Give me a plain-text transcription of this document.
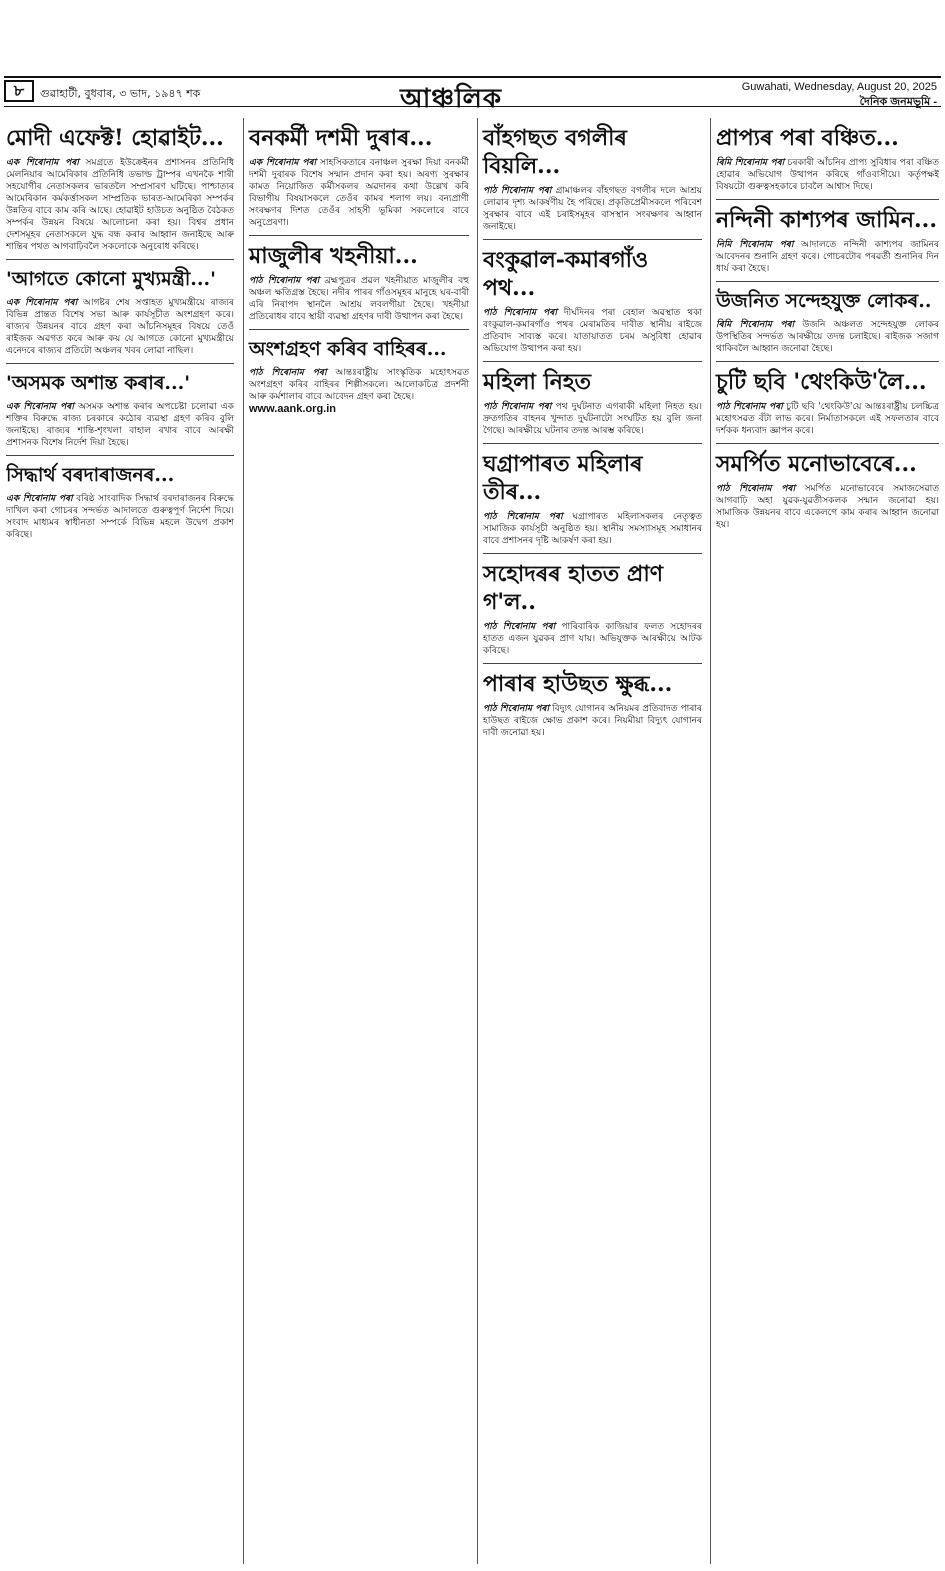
৮	গুৱাহাটী, বুধবাৰ, ৩ ভাদ, ১৯৪৭ শক	আঞ্চলিক	Guwahati, Wednesday, August 20, 2025
দৈনিক জনমভূমি -
মোদী এফেক্ট! হোৱাইট...

এক শিৰোনাম পৰা সমগ্ৰতে ইউক্ৰেইনৰ প্ৰশাসনৰ প্ৰতিনিধি মেলনিয়াৰ আমেৰিকাৰ প্ৰতিনিধি ডভাল্ড ট্ৰাম্পৰ এখনকৈ শাৰী সহযোগীৰ নেতাসকলৰ ভাৰতলৈ সম্প্ৰসাৰণ ঘটিছে। পাশ্চাত্যৰ আমেৰিকান কৰ্মকৰ্ত্তাসকল সাম্প্ৰতিক ভাৰত-আমেৰিকা সম্পৰ্কৰ উন্নতিৰ বাবে কাম কৰি আছে। হোৱাইট হাউচত অনুষ্ঠিত বৈঠকত সম্পৰ্কৰ উন্নয়ন বিষয়ে আলোচনা কৰা হয়। বিশ্বৰ প্ৰধান দেশসমূহৰ নেতাসকলে যুদ্ধ বন্ধ কৰাৰ আহ্বান জনাইছে আৰু শান্তিৰ পথত আগবাঢ়িবলৈ সকলোকে অনুৰোধ কৰিছে।

'আগতে কোনো মুখ্যমন্ত্ৰী...'

এক শিৰোনাম পৰা আগষ্টৰ শেষ সপ্তাহত মুখ্যমন্ত্ৰীয়ে ৰাজ্যৰ বিভিন্ন প্ৰান্তত বিশেষ সভা আৰু কাৰ্যসূচীত অংশগ্ৰহণ কৰে। ৰাজ্যৰ উন্নয়নৰ বাবে গ্ৰহণ কৰা আঁচনিসমূহৰ বিষয়ে তেওঁ ৰাইজক অৱগত কৰে আৰু কয় যে আগতে কোনো মুখ্যমন্ত্ৰীয়ে এনেদৰে ৰাজ্যৰ প্ৰতিটো অঞ্চলৰ খবৰ লোৱা নাছিল।

'অসমক অশান্ত কৰাৰ...'

এক শিৰোনাম পৰা অসমক অশান্ত কৰাৰ অপচেষ্টা চলোৱা এক শক্তিৰ বিৰুদ্ধে ৰাজ্য চৰকাৰে কঠোৰ ব্যৱস্থা গ্ৰহণ কৰিব বুলি জনাইছে। ৰাজ্যৰ শান্তি-শৃংখলা বাহাল ৰখাৰ বাবে আৰক্ষী প্ৰশাসনক বিশেষ নিৰ্দেশ দিয়া হৈছে।

সিদ্ধাৰ্থ বৰদাৰাজনৰ...

এক শিৰোনাম পৰা বৰিষ্ঠ সাংবাদিক সিদ্ধাৰ্থ বৰদাৰাজনৰ বিৰুদ্ধে দাখিল কৰা গোচৰৰ সন্দৰ্ভত আদালতে গুৰুত্বপূৰ্ণ নিৰ্দেশ দিয়ে। সংবাদ মাধ্যমৰ স্বাধীনতা সম্পৰ্কে বিভিন্ন মহলে উদ্বেগ প্ৰকাশ কৰিছে।

বনকৰ্মী দশমী দুৰাৰ...

এক শিৰোনাম পৰা সাহসিকতাৰে বনাঞ্চল সুৰক্ষা দিয়া বনকৰ্মী দশমী দুৰাৰক বিশেষ সন্মান প্ৰদান কৰা হয়। অৰণ্য সুৰক্ষাৰ কামত নিয়োজিত কৰ্মীসকলৰ অৱদানৰ কথা উল্লেখ কৰি বিভাগীয় বিষয়াসকলে তেওঁৰ কামৰ শলাগ লয়। বন্যপ্ৰাণী সংৰক্ষণৰ দিশত তেওঁৰ সাহসী ভূমিকা সকলোৰে বাবে অনুপ্ৰেৰণা।

মাজুলীৰ খহনীয়া...

পাঠ শিৰোনাম পৰা ব্ৰহ্মপুত্ৰৰ প্ৰৱল খহনীয়াত মাজুলীৰ বহু অঞ্চল ক্ষতিগ্ৰস্ত হৈছে। নদীৰ পাৰৰ গাঁওসমূহৰ মানুহে ঘৰ-বাৰী এৰি নিৰাপদ স্থানলৈ আশ্ৰয় লবলগীয়া হৈছে। খহনীয়া প্ৰতিৰোধৰ বাবে স্থায়ী ব্যৱস্থা গ্ৰহণৰ দাবী উত্থাপন কৰা হৈছে।

অংশগ্ৰহণ কৰিব বাহিৰৰ...

পাঠ শিৰোনাম পৰা আন্তঃৰাষ্ট্ৰীয় সাংস্কৃতিক মহোৎসৱত অংশগ্ৰহণ কৰিব বাহিৰৰ শিল্পীসকলে। আলোকচিত্ৰ প্ৰদৰ্শনী আৰু কৰ্মশালাৰ বাবে আবেদন গ্ৰহণ কৰা হৈছে।

www.aank.org.in

বাঁহগছত বগলীৰ বিয়লি...

পাঠ শিৰোনাম পৰা গ্ৰামাঞ্চলৰ বাঁহগছত বগলীৰ দলে আশ্ৰয় লোৱাৰ দৃশ্য আকৰ্ষণীয় হৈ পৰিছে। প্ৰকৃতিপ্ৰেমীসকলে পৰিবেশ সুৰক্ষাৰ বাবে এই চৰাইসমূহৰ বাসস্থান সংৰক্ষণৰ আহ্বান জনাইছে।

বংকুৱাল-কমাৰগাঁও পথ...

পাঠ শিৰোনাম পৰা দীৰ্ঘদিনৰ পৰা বেহাল অৱস্থাত থকা বংকুৱাল-কমাৰগাঁও পথৰ মেৰামতিৰ দাবীত স্থানীয় ৰাইজে প্ৰতিবাদ সাব্যস্ত কৰে। যাতায়াতত চৰম অসুবিধা হোৱাৰ অভিযোগ উত্থাপন কৰা হয়।

মহিলা নিহত

পাঠ শিৰোনাম পৰা পথ দুৰ্ঘটনাত এগৰাকী মহিলা নিহত হয়। দ্ৰুতগতিৰ বাহনৰ খুন্দাত দুৰ্ঘটনাটো সংঘটিত হয় বুলি জনা গৈছে। আৰক্ষীয়ে ঘটনাৰ তদন্ত আৰম্ভ কৰিছে।

ঘগ্ৰাপাৰত মহিলাৰ তীৰ...

পাঠ শিৰোনাম পৰা ঘগ্ৰাপাৰত মহিলাসকলৰ নেতৃত্বত সামাজিক কাৰ্যসূচী অনুষ্ঠিত হয়। স্থানীয় সমস্যাসমূহ সমাধানৰ বাবে প্ৰশাসনৰ দৃষ্টি আকৰ্ষণ কৰা হয়।

সহোদৰৰ হাতত প্ৰাণ গ'ল..

পাঠ শিৰোনাম পৰা পাৰিবাৰিক কাজিয়াৰ ফলত সহোদৰৰ হাতত এজন যুৱকৰ প্ৰাণ যায়। অভিযুক্তক আৰক্ষীয়ে আটক কৰিছে।

পাৰাৰ হাউছত ক্ষুব্ধ...

পাঠ শিৰোনাম পৰা বিদ্যুৎ যোগানৰ অনিয়মৰ প্ৰতিবাদত পাৰাৰ হাউছত ৰাইজে ক্ষোভ প্ৰকাশ কৰে। নিয়মীয়া বিদ্যুৎ যোগানৰ দাবী জনোৱা হয়।

প্ৰাপ্যৰ পৰা বঞ্চিত...

ৰিমি শিৰোনাম পৰা চৰকাৰী আঁচনিৰ প্ৰাপ্য সুবিধাৰ পৰা বঞ্চিত হোৱাৰ অভিযোগ উত্থাপন কৰিছে গাঁওবাসীয়ে। কৰ্তৃপক্ষই বিষয়টো গুৰুত্বসহকাৰে চাবলৈ আশ্বাস দিছে।

নন্দিনী কাশ্যপৰ জামিন...

নিমি শিৰোনাম পৰা আদালতে নন্দিনী কাশ্যপৰ জামিনৰ আবেদনৰ শুনানি গ্ৰহণ কৰে। গোচৰটোৰ পৰৱৰ্তী শুনানিৰ দিন ধাৰ্য কৰা হৈছে।

উজনিত সন্দেহযুক্ত লোকৰ..

ৰিমি শিৰোনাম পৰা উজনি অঞ্চলত সন্দেহযুক্ত লোকৰ উপস্থিতিৰ সন্দৰ্ভত আৰক্ষীয়ে তদন্ত চলাইছে। ৰাইজক সজাগ থাকিবলৈ আহ্বান জনোৱা হৈছে।

চুটি ছবি 'থেংকিউ'লৈ...

পাঠ শিৰোনাম পৰা চুটি ছবি 'থেংকিউ'য়ে আন্তঃৰাষ্ট্ৰীয় চলচ্চিত্ৰ মহোৎসৱত বঁটা লাভ কৰে। নিৰ্মাতাসকলে এই সফলতাৰ বাবে দৰ্শকক ধন্যবাদ জ্ঞাপন কৰে।

সমৰ্পিত মনোভাবেৰে...

পাঠ শিৰোনাম পৰা সমৰ্পিত মনোভাবেৰে সমাজসেৱাত আগবাঢ়ি অহা যুৱক-যুৱতীসকলক সন্মান জনোৱা হয়। সামাজিক উন্নয়নৰ বাবে একেলগে কাম কৰাৰ আহ্বান জনোৱা হয়।
